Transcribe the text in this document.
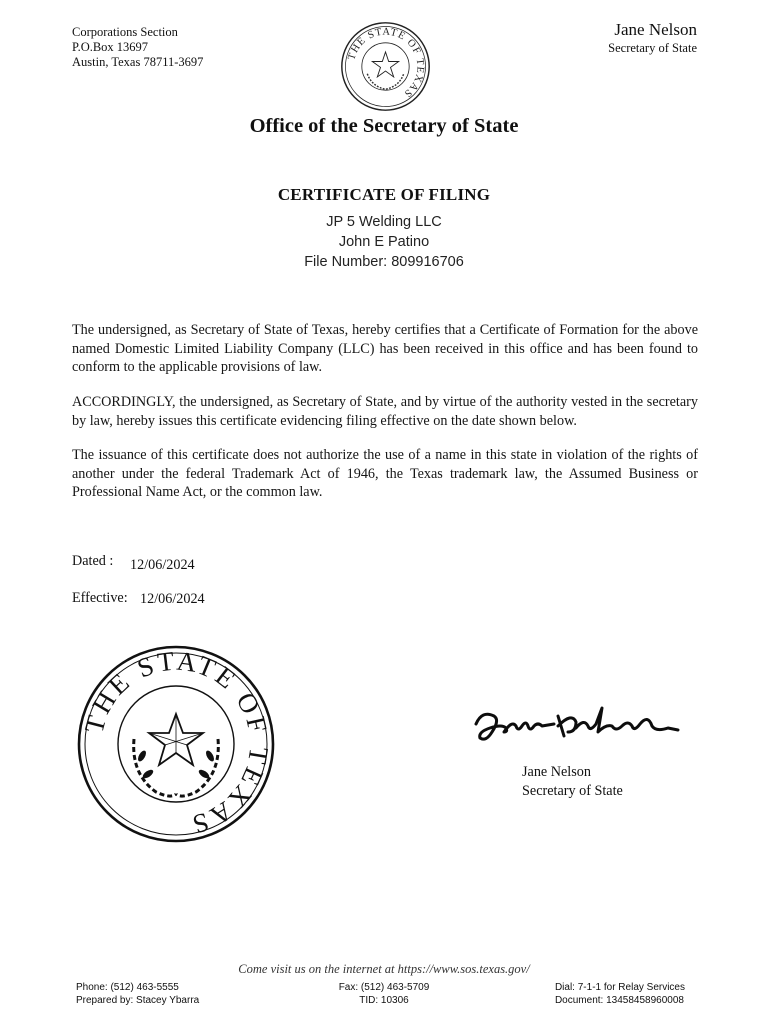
Corporations Section
P.O.Box 13697
Austin, Texas 78711-3697	THE STATE OF TEXAS
Jane Nelson
Secretary of State
Office of the Secretary of State
CERTIFICATE OF FILING
JP 5 Welding LLC
John E Patino
File Number: 809916706
The undersigned, as Secretary of State of Texas, hereby certifies that a Certificate of Formation for the above named Domestic Limited Liability Company (LLC) has been received in this office and has been found to conform to the applicable provisions of law.
ACCORDINGLY, the undersigned, as Secretary of State, and by virtue of the authority vested in the secretary by law, hereby issues this certificate evidencing filing effective on the date shown below.
The issuance of this certificate does not authorize the use of a name in this state in violation of the rights of another under the federal Trademark Act of 1946, the Texas trademark law, the Assumed Business or Professional Name Act, or the common law.
Dated : 12/06/2024
Effective: 12/06/2024
THE STATE OF TEXAS
Jane Nelson
Secretary of State
Come visit us on the internet at https://www.sos.texas.gov/
Phone: (512) 463-5555
Prepared by: Stacey Ybarra
Fax: (512) 463-5709
TID: 10306
Dial: 7-1-1 for Relay Services
Document: 13458458960008
